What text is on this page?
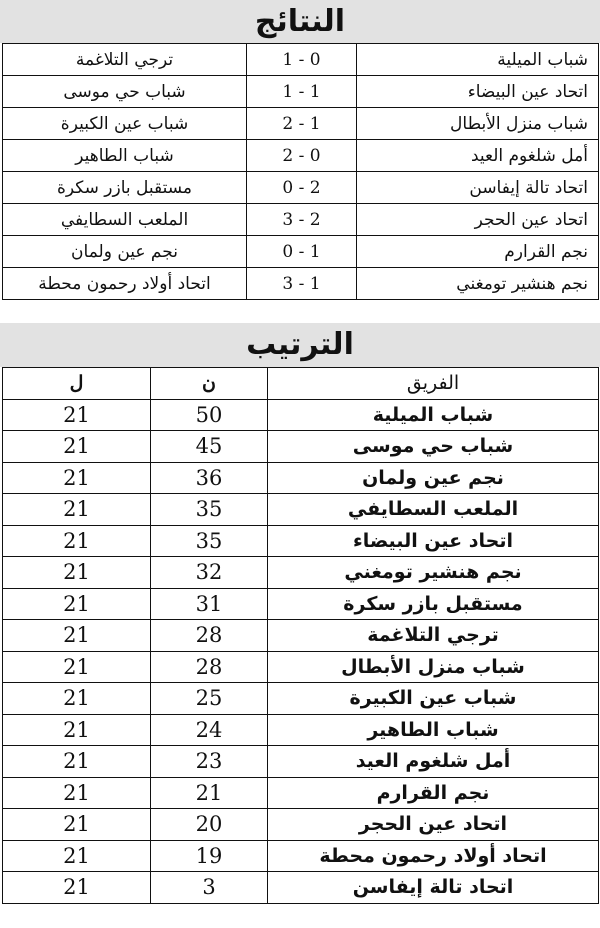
النتائج
ترجي التلاغمة	1 - 0	شباب الميلية
شباب حي موسى	1 - 1	اتحاد عين البيضاء
شباب عين الكبيرة	2 - 1	شباب منزل الأبطال
شباب الطاهير	2 - 0	أمل شلغوم العيد
مستقبل بازر سكرة	0 - 2	اتحاد تالة إيفاسن
الملعب السطايفي	3 - 2	اتحاد عين الحجر
نجم عين ولمان	0 - 1	نجم القرارم
اتحاد أولاد رحمون محطة	3 - 1	نجم هنشير تومغني
الترتيب
ل	ن	الفريق
21	50	شباب الميلية
21	45	شباب حي موسى
21	36	نجم عين ولمان
21	35	الملعب السطايفي
21	35	اتحاد عين البيضاء
21	32	نجم هنشير تومغني
21	31	مستقبل بازر سكرة
21	28	ترجي التلاغمة
21	28	شباب منزل الأبطال
21	25	شباب عين الكبيرة
21	24	شباب الطاهير
21	23	أمل شلغوم العيد
21	21	نجم القرارم
21	20	اتحاد عين الحجر
21	19	اتحاد أولاد رحمون محطة
21	3	اتحاد تالة إيفاسن
